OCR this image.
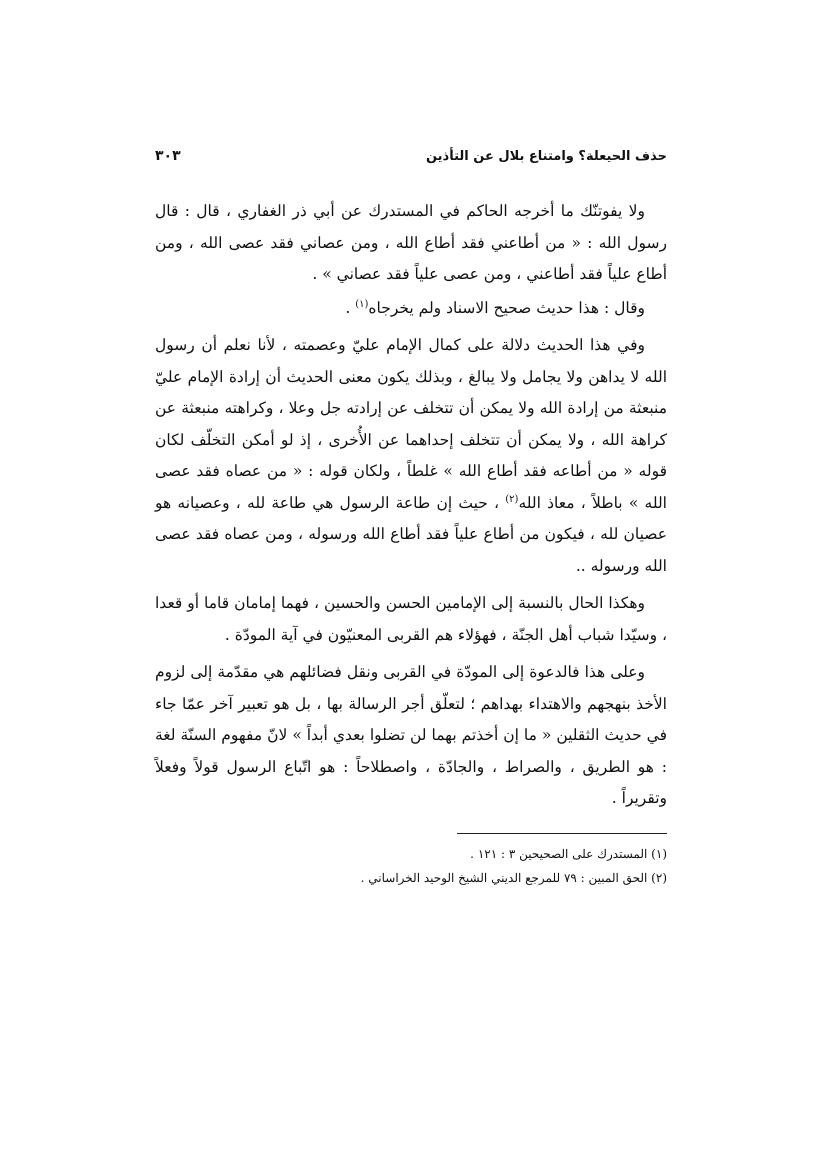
حذف الحيعلة؟ وامتناع بلال عن التأذين
٣٠٣

ولا يفوتنّك ما أخرجه الحاكم في المستدرك عن أبي ذر الغفاري ، قال : قال رسول الله : « من أطاعني فقد أطاع الله ، ومن عصاني فقد عصى الله ، ومن أطاع علياً فقد أطاعني ، ومن عصى علياً فقد عصاني » .

وقال : هذا حديث صحيح الاسناد ولم يخرجاه$^{(١)}$ .

وفي هذا الحديث دلالة على كمال الإمام عليّ وعصمته ، لأنا نعلم أن رسول الله لا يداهن ولا يجامل ولا يبالغ ، وبذلك يكون معنى الحديث أن إرادة الإمام عليّ منبعثة من إرادة الله ولا يمكن أن تتخلف عن إرادته جل وعلا ، وكراهته منبعثة عن كراهة الله ، ولا يمكن أن تتخلف إحداهما عن الأُخرى ، إذ لو أمكن التخلّف لكان قوله « من أطاعه فقد أطاع الله » غلطاً ، ولكان قوله : « من عصاه فقد عصى الله » باطلاً ، معاذ الله$^{(٢)}$ ، حيث إن طاعة الرسول هي طاعة لله ، وعصيانه هو عصيان لله ، فيكون من أطاع علياً فقد أطاع الله ورسوله ، ومن عصاه فقد عصى الله ورسوله ..

وهكذا الحال بالنسبة إلى الإمامين الحسن والحسين ، فهما إمامان قاما أو قعدا ، وسيّدا شباب أهل الجنّة ، فهؤلاء هم القربى المعنيّون في آية المودّة .

وعلى هذا فالدعوة إلى المودّة في القربى ونقل فضائلهم هي مقدّمة إلى لزوم الأخذ بنهجهم والاهتداء بهداهم ؛ لتعلّق أجر الرسالة بها ، بل هو تعبير آخر عمّا جاء في حديث الثقلين « ما إن أخذتم بهما لن تضلوا بعدي أبداً » لانّ مفهوم السنّة لغة : هو الطريق ، والصراط ، والجادّة ، واصطلاحاً : هو اتّباع الرسول قولاً وفعلاً وتقريراً .

(١) المستدرك على الصحيحين ٣ : ١٢١ .

(٢) الحق المبين : ٧٩ للمرجع الديني الشيخ الوحيد الخراساني .
